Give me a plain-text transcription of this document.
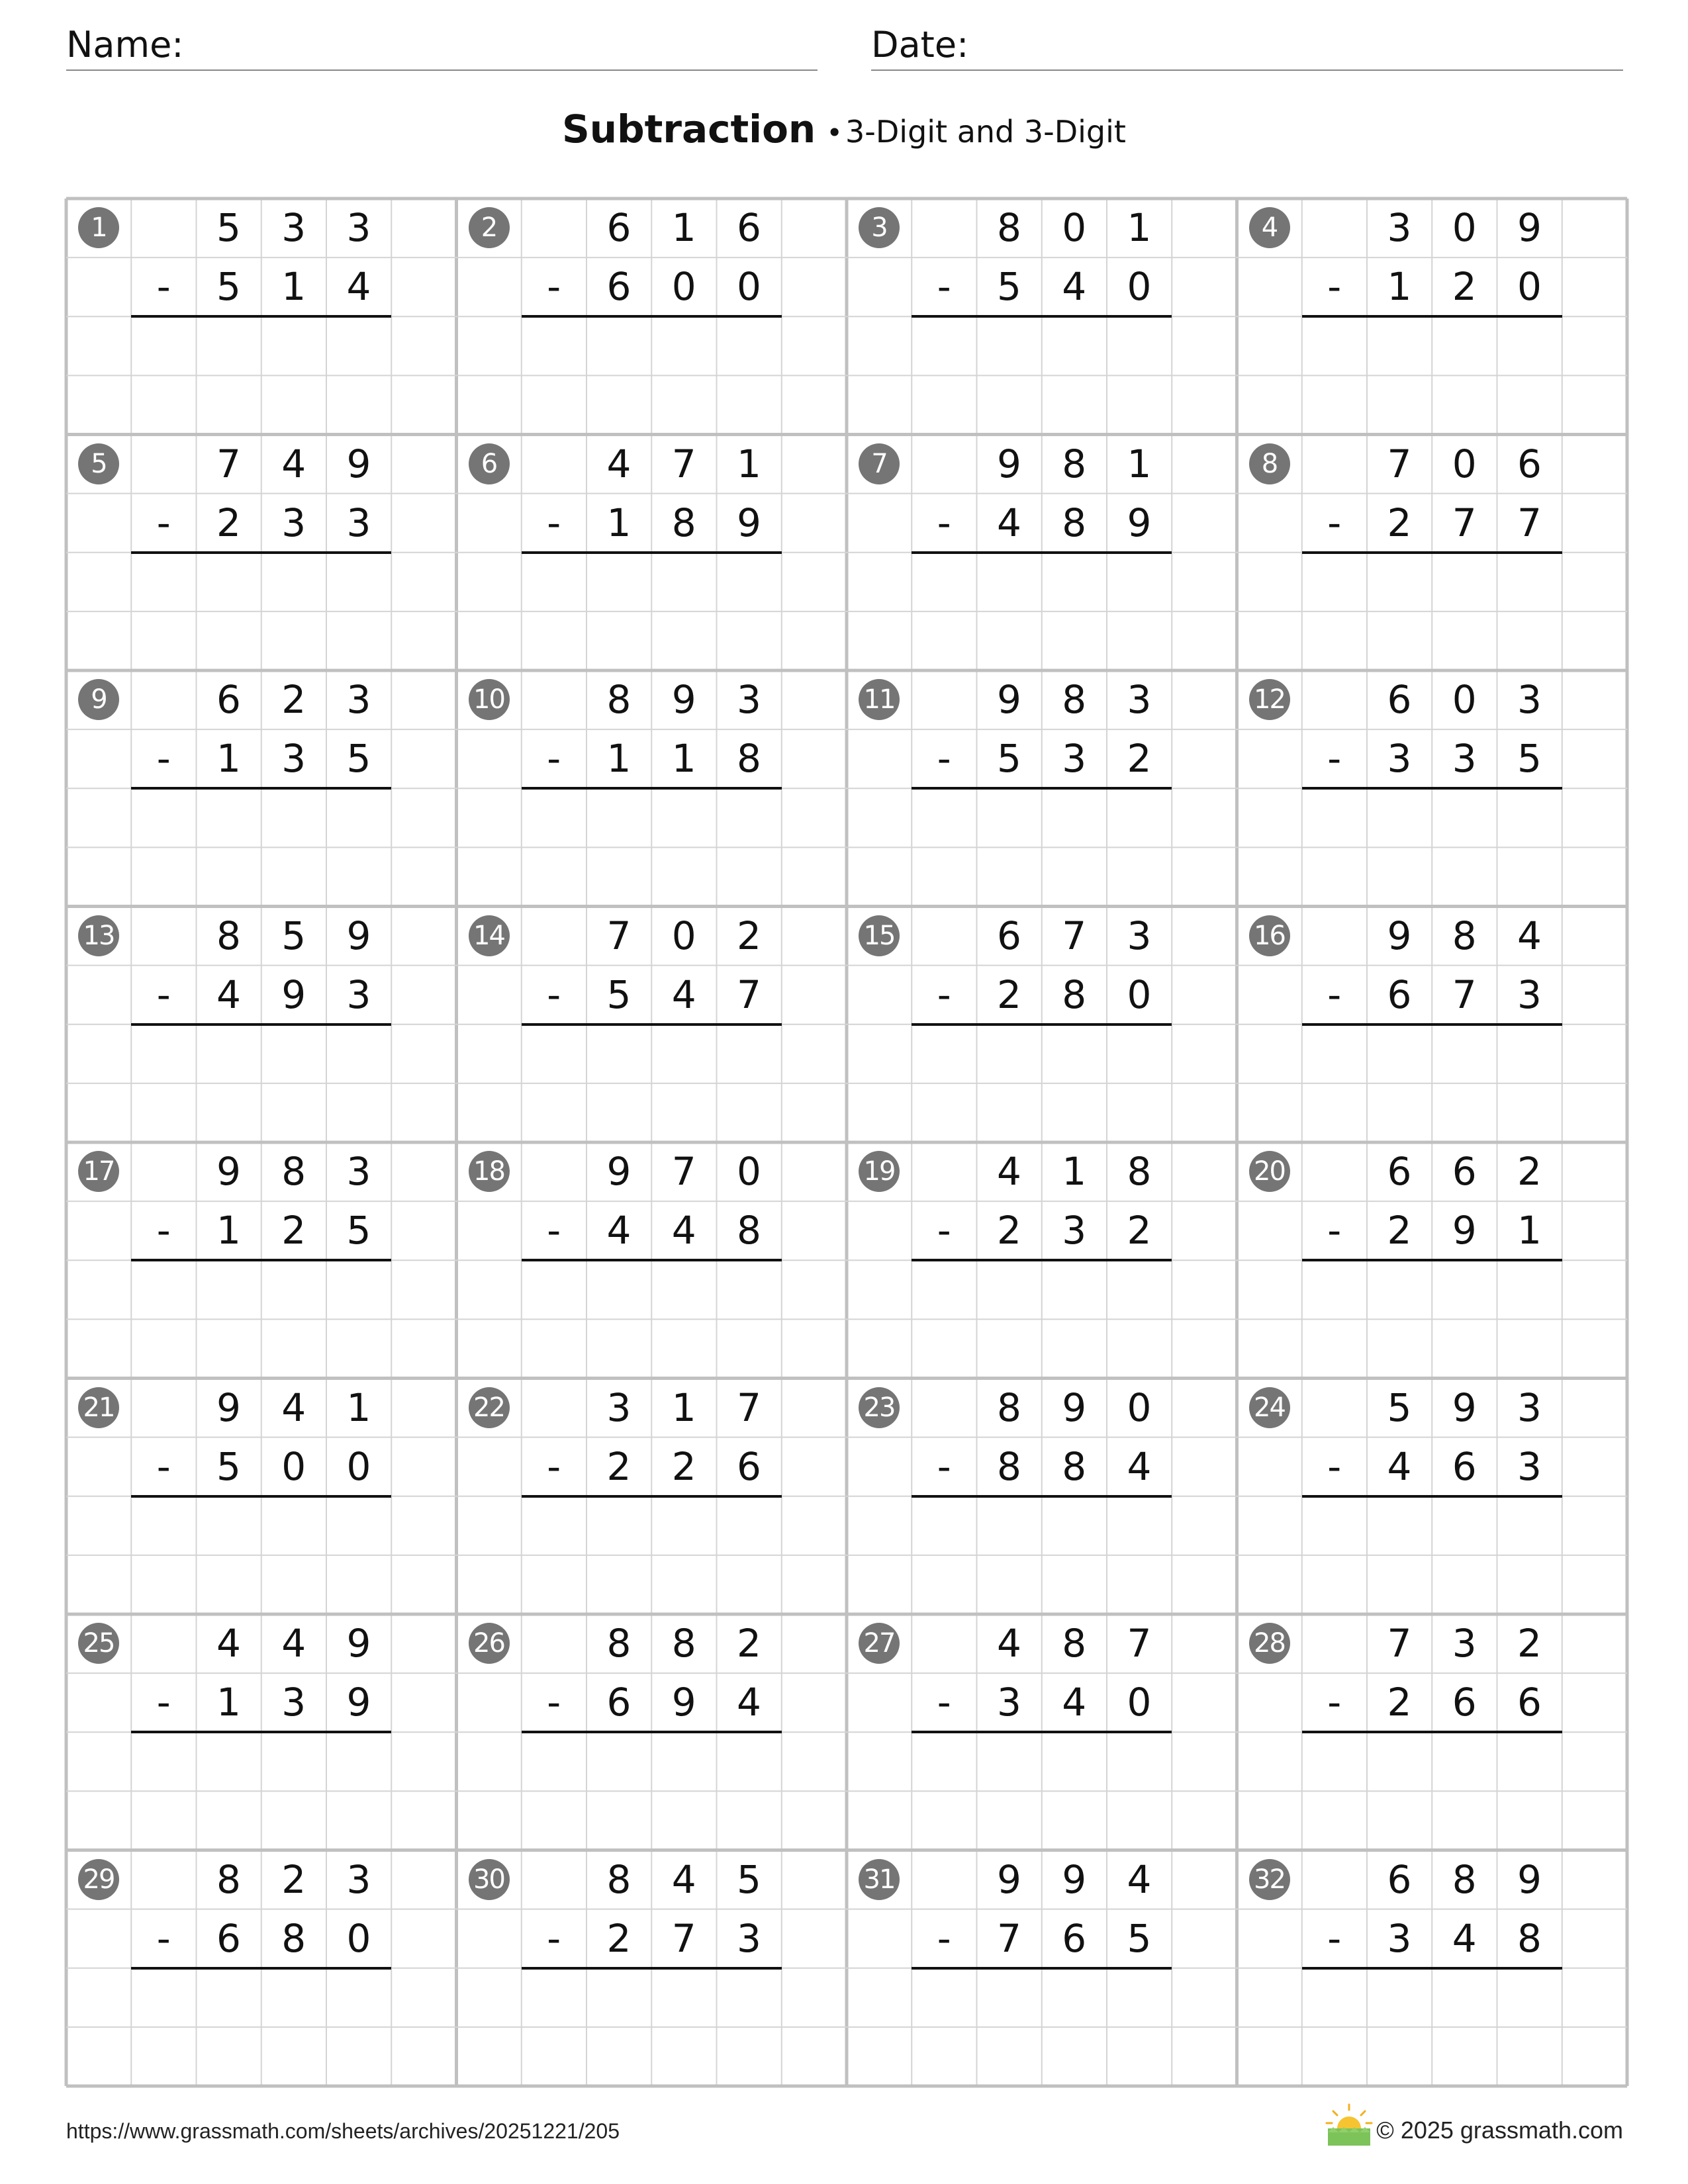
Name:	Date:
Subtraction •3-Digit and 3-Digit
1	5	3	3
-	5	1	4
2	6	1	6
-	6	0	0
3	8	0	1
-	5	4	0
4	3	0	9
-	1	2	0
5	7	4	9
-	2	3	3
6	4	7	1
-	1	8	9
7	9	8	1
-	4	8	9
8	7	0	6
-	2	7	7
9	6	2	3
-	1	3	5
10	8	9	3
-	1	1	8
11	9	8	3
-	5	3	2
12	6	0	3
-	3	3	5
13	8	5	9
-	4	9	3
14	7	0	2
-	5	4	7
15	6	7	3
-	2	8	0
16	9	8	4
-	6	7	3
17	9	8	3
-	1	2	5
18	9	7	0
-	4	4	8
19	4	1	8
-	2	3	2
20	6	6	2
-	2	9	1
21	9	4	1
-	5	0	0
22	3	1	7
-	2	2	6
23	8	9	0
-	8	8	4
24	5	9	3
-	4	6	3
25	4	4	9
-	1	3	9
26	8	8	2
-	6	9	4
27	4	8	7
-	3	4	0
28	7	3	2
-	2	6	6
29	8	2	3
-	6	8	0
30	8	4	5
-	2	7	3
31	9	9	4
-	7	6	5
32	6	8	9
-	3	4	8
https://www.grassmath.com/sheets/archives/20251221/205	© 2025 grassmath.com
